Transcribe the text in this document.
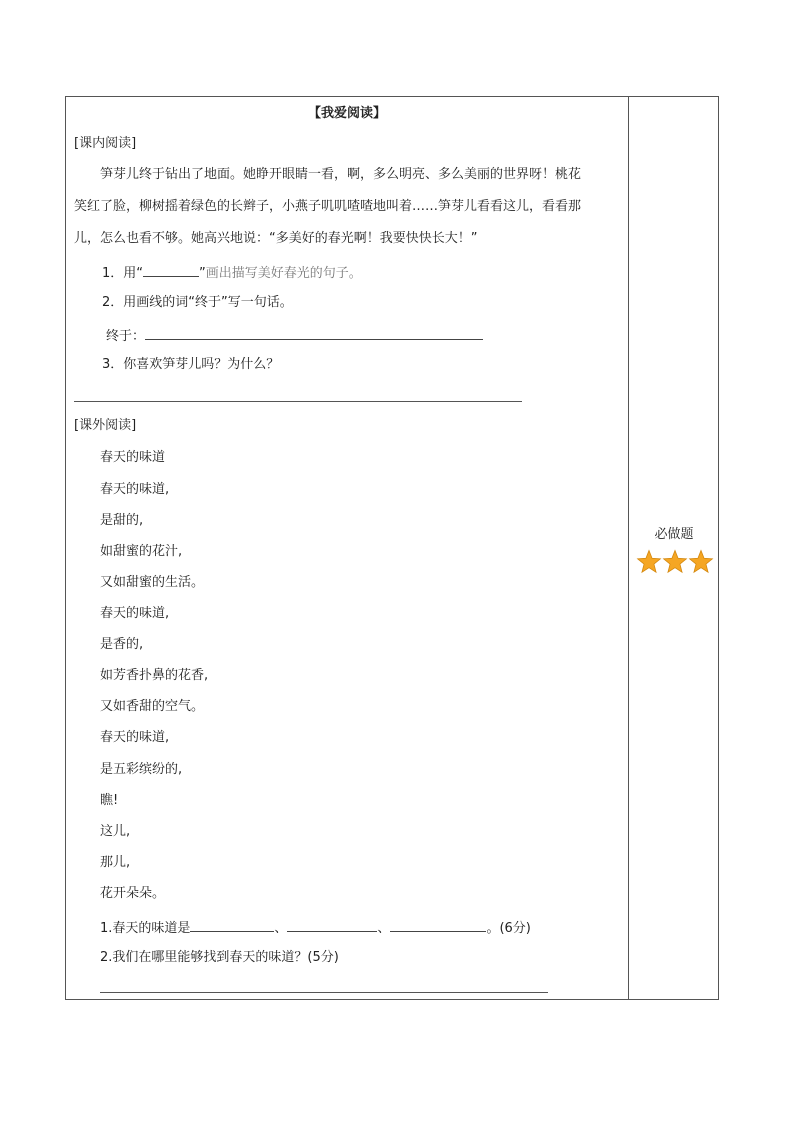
【我爱阅读】
[课内阅读]
笋芽儿终于钻出了地面。她睁开眼睛一看，啊，多么明亮、多么美丽的世界呀！桃花
笑红了脸，柳树摇着绿色的长辫子，小燕子叽叽喳喳地叫着……笋芽儿看看这儿，看看那
儿，怎么也看不够。她高兴地说：“多美好的春光啊！我要快快长大！”
1．用“	”画出描写美好春光的句子。
2．用画线的词“终于”写一句话。
终于：
3．你喜欢笋芽儿吗？为什么？
[课外阅读]
春天的味道
春天的味道,
是甜的,
如甜蜜的花汁,
又如甜蜜的生活。
春天的味道,
是香的,
如芳香扑鼻的花香,
又如香甜的空气。
春天的味道,
是五彩缤纷的,
瞧!
这儿,
那儿,
花开朵朵。
1.春天的味道是	、	、	。(6分)
2.我们在哪里能够找到春天的味道？(5分)
必做题
